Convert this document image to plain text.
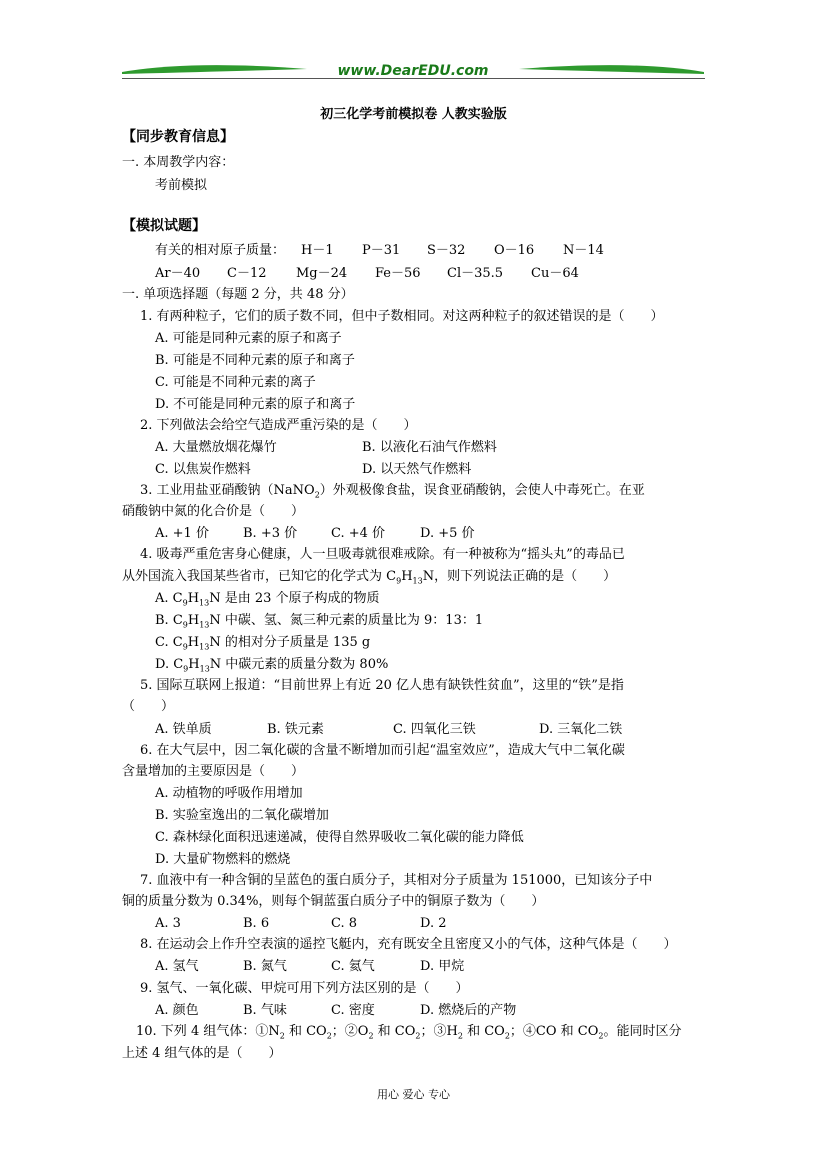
www.DearEDU.com
初三化学考前模拟卷 人教实验版
【同步教育信息】
一. 本周教学内容：
考前模拟
【模拟试题】
有关的相对原子质量： H－1 P－31 S－32 O－16 N－14
Ar－40 C－12 Mg－24 Fe－56 Cl－35.5 Cu－64
一. 单项选择题（每题 2 分，共 48 分）
1. 有两种粒子，它们的质子数不同，但中子数相同。对这两种粒子的叙述错误的是（　　）
A. 可能是同种元素的原子和离子
B. 可能是不同种元素的原子和离子
C. 可能是不同种元素的离子
D. 不可能是同种元素的原子和离子
2. 下列做法会给空气造成严重污染的是（　　）
A. 大量燃放烟花爆竹	B. 以液化石油气作燃料
C. 以焦炭作燃料	D. 以天然气作燃料
3. 工业用盐亚硝酸钠（NaNO$_2$）外观极像食盐，误食亚硝酸钠，会使人中毒死亡。在亚
硝酸钠中氮的化合价是（　　）
A. +1 价	B. +3 价	C. +4 价	D. +5 价
4. 吸毒严重危害身心健康，人一旦吸毒就很难戒除。有一种被称为“摇头丸”的毒品已
从外国流入我国某些省市，已知它的化学式为 $C_9H_{13}N$，则下列说法正确的是（　　）
A. $C_9H_{13}N$ 是由 23 个原子构成的物质
B. $C_9H_{13}N$ 中碳、氢、氮三种元素的质量比为 9：13：1
C. $C_9H_{13}N$ 的相对分子质量是 135 g
D. $C_9H_{13}N$ 中碳元素的质量分数为 80%
5. 国际互联网上报道：“目前世界上有近 20 亿人患有缺铁性贫血”，这里的“铁”是指
（　　）
A. 铁单质	B. 铁元素	C. 四氧化三铁	D. 三氧化二铁
6. 在大气层中，因二氧化碳的含量不断增加而引起“温室效应”，造成大气中二氧化碳
含量增加的主要原因是（　　）
A. 动植物的呼吸作用增加
B. 实验室逸出的二氧化碳增加
C. 森林绿化面积迅速递减，使得自然界吸收二氧化碳的能力降低
D. 大量矿物燃料的燃烧
7. 血液中有一种含铜的呈蓝色的蛋白质分子，其相对分子质量为 151000，已知该分子中
铜的质量分数为 0.34%，则每个铜蓝蛋白质分子中的铜原子数为（　　）
A. 3	B. 6	C. 8	D. 2
8. 在运动会上作升空表演的遥控飞艇内，充有既安全且密度又小的气体，这种气体是（　　）
A. 氢气	B. 氮气	C. 氦气	D. 甲烷
9. 氢气、一氧化碳、甲烷可用下列方法区别的是（　　）
A. 颜色	B. 气味	C. 密度	D. 燃烧后的产物
10. 下列 4 组气体：$①N_2$ 和 $CO_2$；$②O_2$ 和 $CO_2$；$③H_2$ 和 $CO_2$；④CO 和 $CO_2$。能同时区分
上述 4 组气体的是（　　）
用心 爱心 专心
